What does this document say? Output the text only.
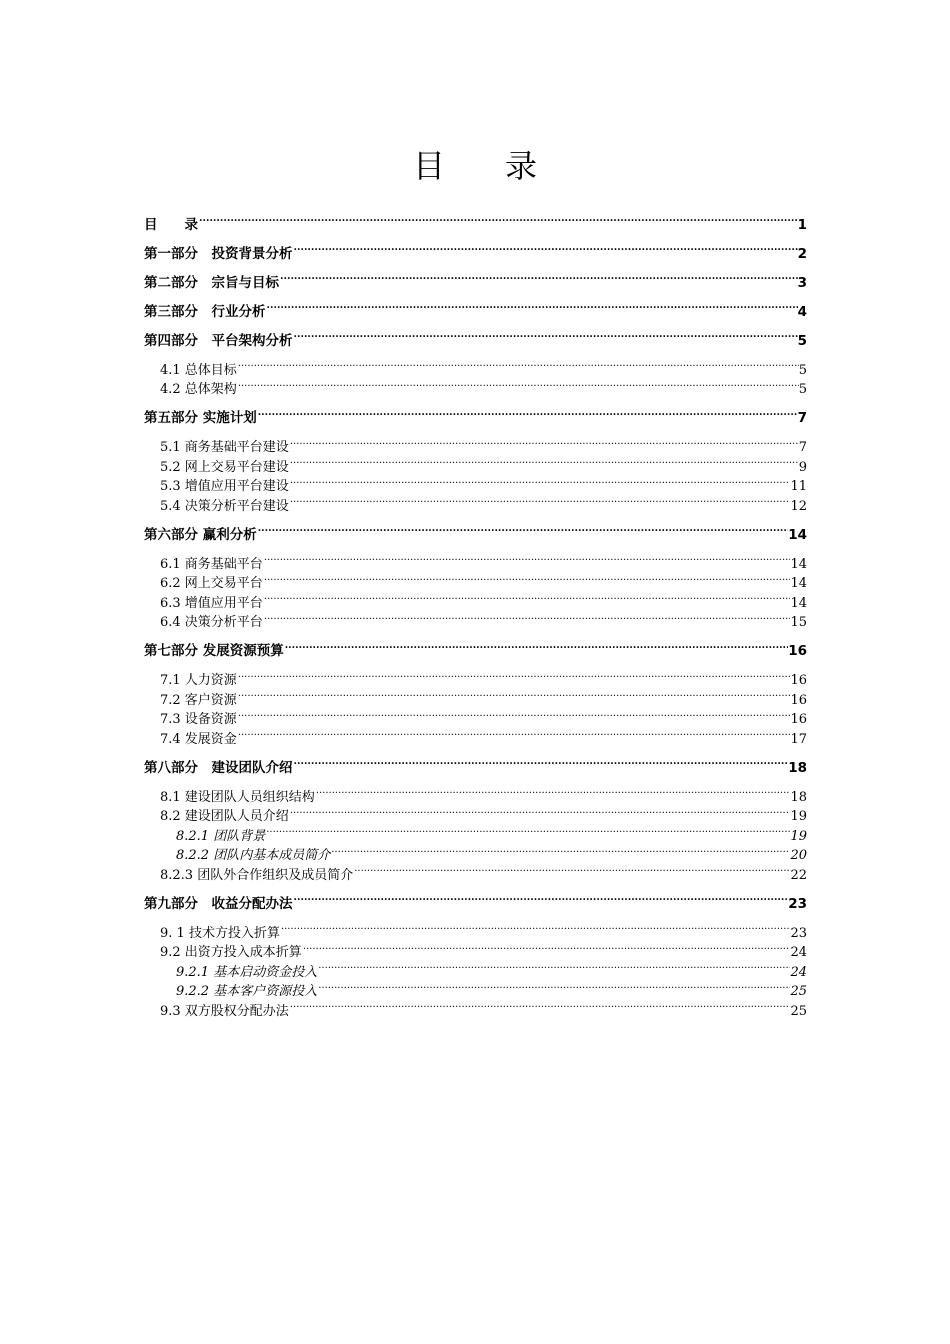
目 录
目　　录 .....	1
第一部分　投资背景分析 .....	2
第二部分　宗旨与目标 .....	3
第三部分　行业分析 .....	4
第四部分　平台架构分析 .....	5
4.1 总体目标 .....	5
4.2 总体架构 .....	5
第五部分 实施计划 .....	7
5.1 商务基础平台建设 .....	7
5.2 网上交易平台建设 .....	9
5.3 增值应用平台建设 .....	11
5.4 决策分析平台建设 .....	12
第六部分 赢利分析 .....	14
6.1 商务基础平台 .....	14
6.2 网上交易平台 .....	14
6.3 增值应用平台 .....	14
6.4 决策分析平台 .....	15
第七部分 发展资源预算 .....	16
7.1 人力资源 .....	16
7.2 客户资源 .....	16
7.3 设备资源 .....	16
7.4 发展资金 .....	17
第八部分　建设团队介绍 .....	18
8.1 建设团队人员组织结构 .....	18
8.2 建设团队人员介绍 .....	19
8.2.1 团队背景 .....	19
8.2.2 团队内基本成员简介 .....	20
8.2.3 团队外合作组织及成员简介 .....	22
第九部分　收益分配办法 .....	23
9. 1 技术方投入折算 .....	23
9.2 出资方投入成本折算 .....	24
9.2.1 基本启动资金投入 .....	24
9.2.2 基本客户资源投入 .....	25
9.3 双方股权分配办法 .....	25
